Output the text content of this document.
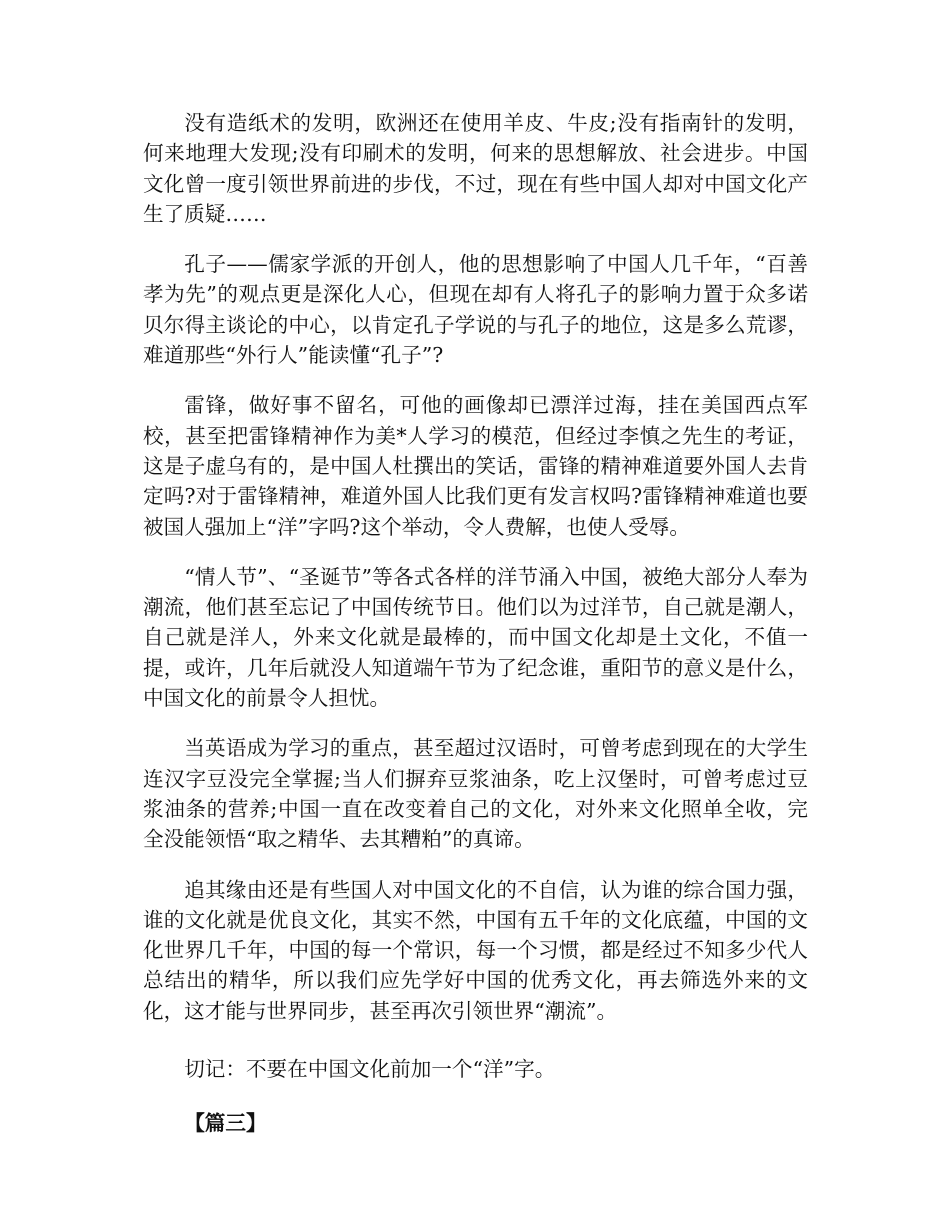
没有造纸术的发明，欧洲还在使用羊皮、牛皮;没有指南针的发明，何来地理大发现;没有印刷术的发明，何来的思想解放、社会进步。中国文化曾一度引领世界前进的步伐，不过，现在有些中国人却对中国文化产生了质疑……

孔子——儒家学派的开创人，他的思想影响了中国人几千年，“百善孝为先”的观点更是深化人心，但现在却有人将孔子的影响力置于众多诺贝尔得主谈论的中心，以肯定孔子学说的与孔子的地位，这是多么荒谬，难道那些“外行人”能读懂“孔子”?

雷锋，做好事不留名，可他的画像却已漂洋过海，挂在美国西点军校，甚至把雷锋精神作为美*人学习的模范，但经过李慎之先生的考证，这是子虚乌有的，是中国人杜撰出的笑话，雷锋的精神难道要外国人去肯定吗?对于雷锋精神，难道外国人比我们更有发言权吗?雷锋精神难道也要被国人强加上“洋”字吗?这个举动，令人费解，也使人受辱。

“情人节”、“圣诞节”等各式各样的洋节涌入中国，被绝大部分人奉为潮流，他们甚至忘记了中国传统节日。他们以为过洋节，自己就是潮人，自己就是洋人，外来文化就是最棒的，而中国文化却是土文化，不值一提，或许，几年后就没人知道端午节为了纪念谁，重阳节的意义是什么，中国文化的前景令人担忧。

当英语成为学习的重点，甚至超过汉语时，可曾考虑到现在的大学生连汉字豆没完全掌握;当人们摒弃豆浆油条，吃上汉堡时，可曾考虑过豆浆油条的营养;中国一直在改变着自己的文化，对外来文化照单全收，完全没能领悟“取之精华、去其糟粕”的真谛。

追其缘由还是有些国人对中国文化的不自信，认为谁的综合国力强，谁的文化就是优良文化，其实不然，中国有五千年的文化底蕴，中国的文化世界几千年，中国的每一个常识，每一个习惯，都是经过不知多少代人总结出的精华，所以我们应先学好中国的优秀文化，再去筛选外来的文化，这才能与世界同步，甚至再次引领世界“潮流”。

切记：不要在中国文化前加一个“洋”字。

【篇三】
